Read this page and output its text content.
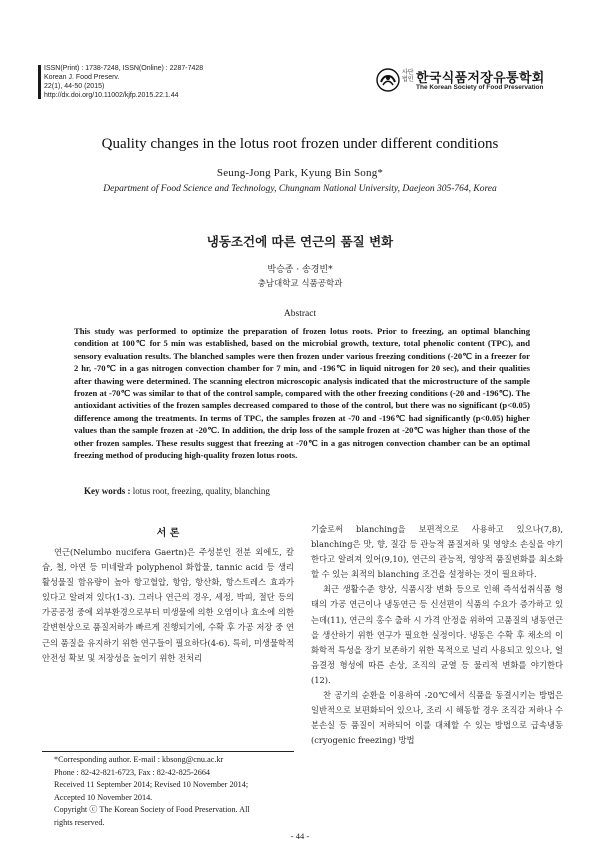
ISSN(Print) : 1738-7248, ISSN(Online) : 2287-7428
Korean J. Food Preserv.
22(1), 44-50 (2015)
http://dx.doi.org/10.11002/kjfp.2015.22.1.44
사단법인 한국식품저장유통학회
The Korean Society of Food Preservation
Quality changes in the lotus root frozen under different conditions
Seung-Jong Park, Kyung Bin Song*
Department of Food Science and Technology, Chungnam National University, Daejeon 305-764, Korea
냉동조건에 따른 연근의 품질 변화
박승종 · 송경빈*
충남대학교 식품공학과
Abstract
This study was performed to optimize the preparation of frozen lotus roots. Prior to freezing, an optimal blanching condition at 100℃ for 5 min was established, based on the microbial growth, texture, total phenolic content (TPC), and sensory evaluation results. The blanched samples were then frozen under various freezing conditions (-20℃ in a freezer for 2 hr, -70℃ in a gas nitrogen convection chamber for 7 min, and -196℃ in liquid nitrogen for 20 sec), and their qualities after thawing were determined. The scanning electron microscopic analysis indicated that the microstructure of the sample frozen at -70℃ was similar to that of the control sample, compared with the other freezing conditions (-20 and -196℃). The antioxidant activities of the frozen samples decreased compared to those of the control, but there was no significant (p<0.05) difference among the treatments. In terms of TPC, the samples frozen at -70 and -196℃ had significantly (p<0.05) higher values than the sample frozen at -20℃. In addition, the drip loss of the sample frozen at -20℃ was higher than those of the other frozen samples. These results suggest that freezing at -70℃ in a gas nitrogen convection chamber can be an optimal freezing method of producing high-quality frozen lotus roots.
Key words : lotus root, freezing, quality, blanching
서 론

연근(Nelumbo nucifera Gaertn)은 주성분인 전분 외에도, 칼슘, 철, 아연 등 미네랄과 polyphenol 화합물, tannic acid 등 생리활성물질 함유량이 높아 항고혈압, 항암, 항산화, 항스트레스 효과가 있다고 알려져 있다(1-3). 그러나 연근의 경우, 세정, 박피, 절단 등의 가공공정 중에 외부환경으로부터 미생물에 의한 오염이나 효소에 의한 갈변현상으로 품질저하가 빠르게 진행되기에, 수확 후 가공 저장 중 연근의 품질을 유지하기 위한 연구들이 필요하다(4-6). 특히, 미생물학적 안전성 확보 및 저장성을 높이기 위한 전처리

*Corresponding author. E-mail : kbsong@cnu.ac.kr
Phone : 82-42-821-6723, Fax : 82-42-825-2664
Received 11 September 2014; Revised 10 November 2014;
Accepted 10 November 2014.
Copyright ⓒ The Korean Society of Food Preservation. All
rights reserved.

기술로써 blanching을 보편적으로 사용하고 있으나(7,8), blanching은 맛, 향, 질감 등 관능적 품질저하 및 영양소 손실을 야기한다고 알려져 있어(9,10), 연근의 관능적, 영양적 품질변화를 최소화 할 수 있는 최적의 blanching 조건을 설정하는 것이 필요하다.

최근 생활수준 향상, 식품시장 변화 등으로 인해 즉석섭취식품 형태의 가공 연근이나 냉동연근 등 신선편이 식품의 수요가 증가하고 있는데(11), 연근의 홍수 출하 시 가격 안정을 위하여 고품질의 냉동연근을 생산하기 위한 연구가 필요한 실정이다. 냉동은 수확 후 채소의 이화학적 특성을 장기 보존하기 위한 목적으로 널리 사용되고 있으나, 얼음결정 형성에 따른 손상, 조직의 균열 등 물리적 변화를 야기한다(12).

찬 공기의 순환을 이용하여 -20℃에서 식품을 동결시키는 방법은 일반적으로 보편화되어 있으나, 조리 시 해동할 경우 조직감 저하나 수분손실 등 품질이 저하되어 이를 대체할 수 있는 방법으로 급속냉동(cryogenic freezing) 방법

- 44 -
